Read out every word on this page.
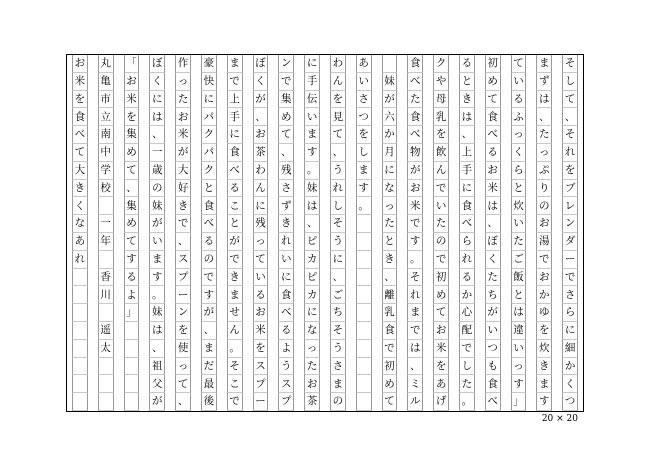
そ
し
て
、
そ
れ
を
ブ
レ
ン
ダ
ー
で
さ
ら
に
細
か
く
つ
ま
ず
は
、
た
っ
ぷ
り
の
お
湯
で
お
か
ゆ
を
炊
き
ま
す
て
い
る
ふ
っ
く
ら
と
炊
い
た
ご
飯
と
は
違
い
っ
す
」
初
め
て
食
べ
る
お
米
は
、
ぼ
く
た
ち
が
い
つ
も
食
べ
る
と
き
は
、
上
手
に
食
べ
ら
れ
る
か
心
配
で
し
た
。
ク
や
母
乳
を
飲
ん
で
い
た
の
で
初
め
て
お
米
を
あ
げ
食
べ
た
食
べ
物
が
お
米
で
す
。
そ
れ
ま
で
は
、
ミ
ル
妹
が
六
か
月
に
な
っ
た
と
き
、
離
乳
食
で
初
め
て
あ
い
さ
つ
を
し
ま
す
。
わ
ん
を
見
て
、
う
れ
し
そ
う
に
、
ご
ち
そ
う
さ
ま
の
に
手
伝
い
ま
す
。
妹
は
、
ピ
カ
ピ
カ
に
な
っ
た
お
茶
ン
で
集
め
て
、
残
さ
ず
き
れ
い
に
食
べ
る
よ
う
ス
プ
ぼ
く
が
、
お
茶
わ
ん
に
残
っ
て
い
る
お
米
を
ス
プ
ー
ま
で
上
手
に
食
べ
る
こ
と
が
で
き
ま
せ
ん
。
そ
こ
で
豪
快
に
パ
ク
パ
ク
と
食
べ
る
の
で
す
が
、
ま
だ
最
後
作
っ
た
お
米
が
大
好
き
で
、
ス
プ
ー
ン
を
使
っ
て
、
ぼ
く
に
は
、
一
歳
の
妹
が
い
ま
す
。
妹
は
、
祖
父
が
「
お
米
を
集
め
て
、
集
め
て
す
る
よ
」
丸
亀
市
立
南
中
学
校
一
年
香
川
遥
太
お
米
を
食
べ
て
大
き
く
な
あ
れ
20 × 20
